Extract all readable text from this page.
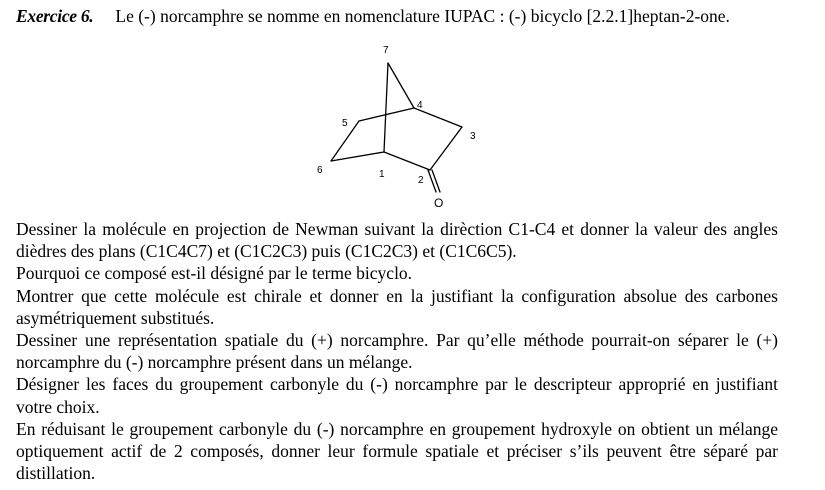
Exercice 6. Le (-) norcamphre se nomme en nomenclature IUPAC : (-) bicyclo [2.2.1]heptan-2-one.
7
4
5
3
6	1
2
O

Dessiner la molécule en projection de Newman suivant la dirèction C1-C4 et donner la valeur des angles dièdres des plans (C1C4C7) et (C1C2C3) puis (C1C2C3) et (C1C6C5).

Pourquoi ce composé est-il désigné par le terme bicyclo.

Montrer que cette molécule est chirale et donner en la justifiant la configuration absolue des carbones asymétriquement substitués.

Dessiner une représentation spatiale du (+) norcamphre. Par qu’elle méthode pourrait-on séparer le (+) norcamphre du (-) norcamphre présent dans un mélange.

Désigner les faces du groupement carbonyle du (-) norcamphre par le descripteur approprié en justifiant votre choix.

En réduisant le groupement carbonyle du (-) norcamphre en groupement hydroxyle on obtient un mélange optiquement actif de 2 composés, donner leur formule spatiale et préciser s’ils peuvent être séparé par distillation.
